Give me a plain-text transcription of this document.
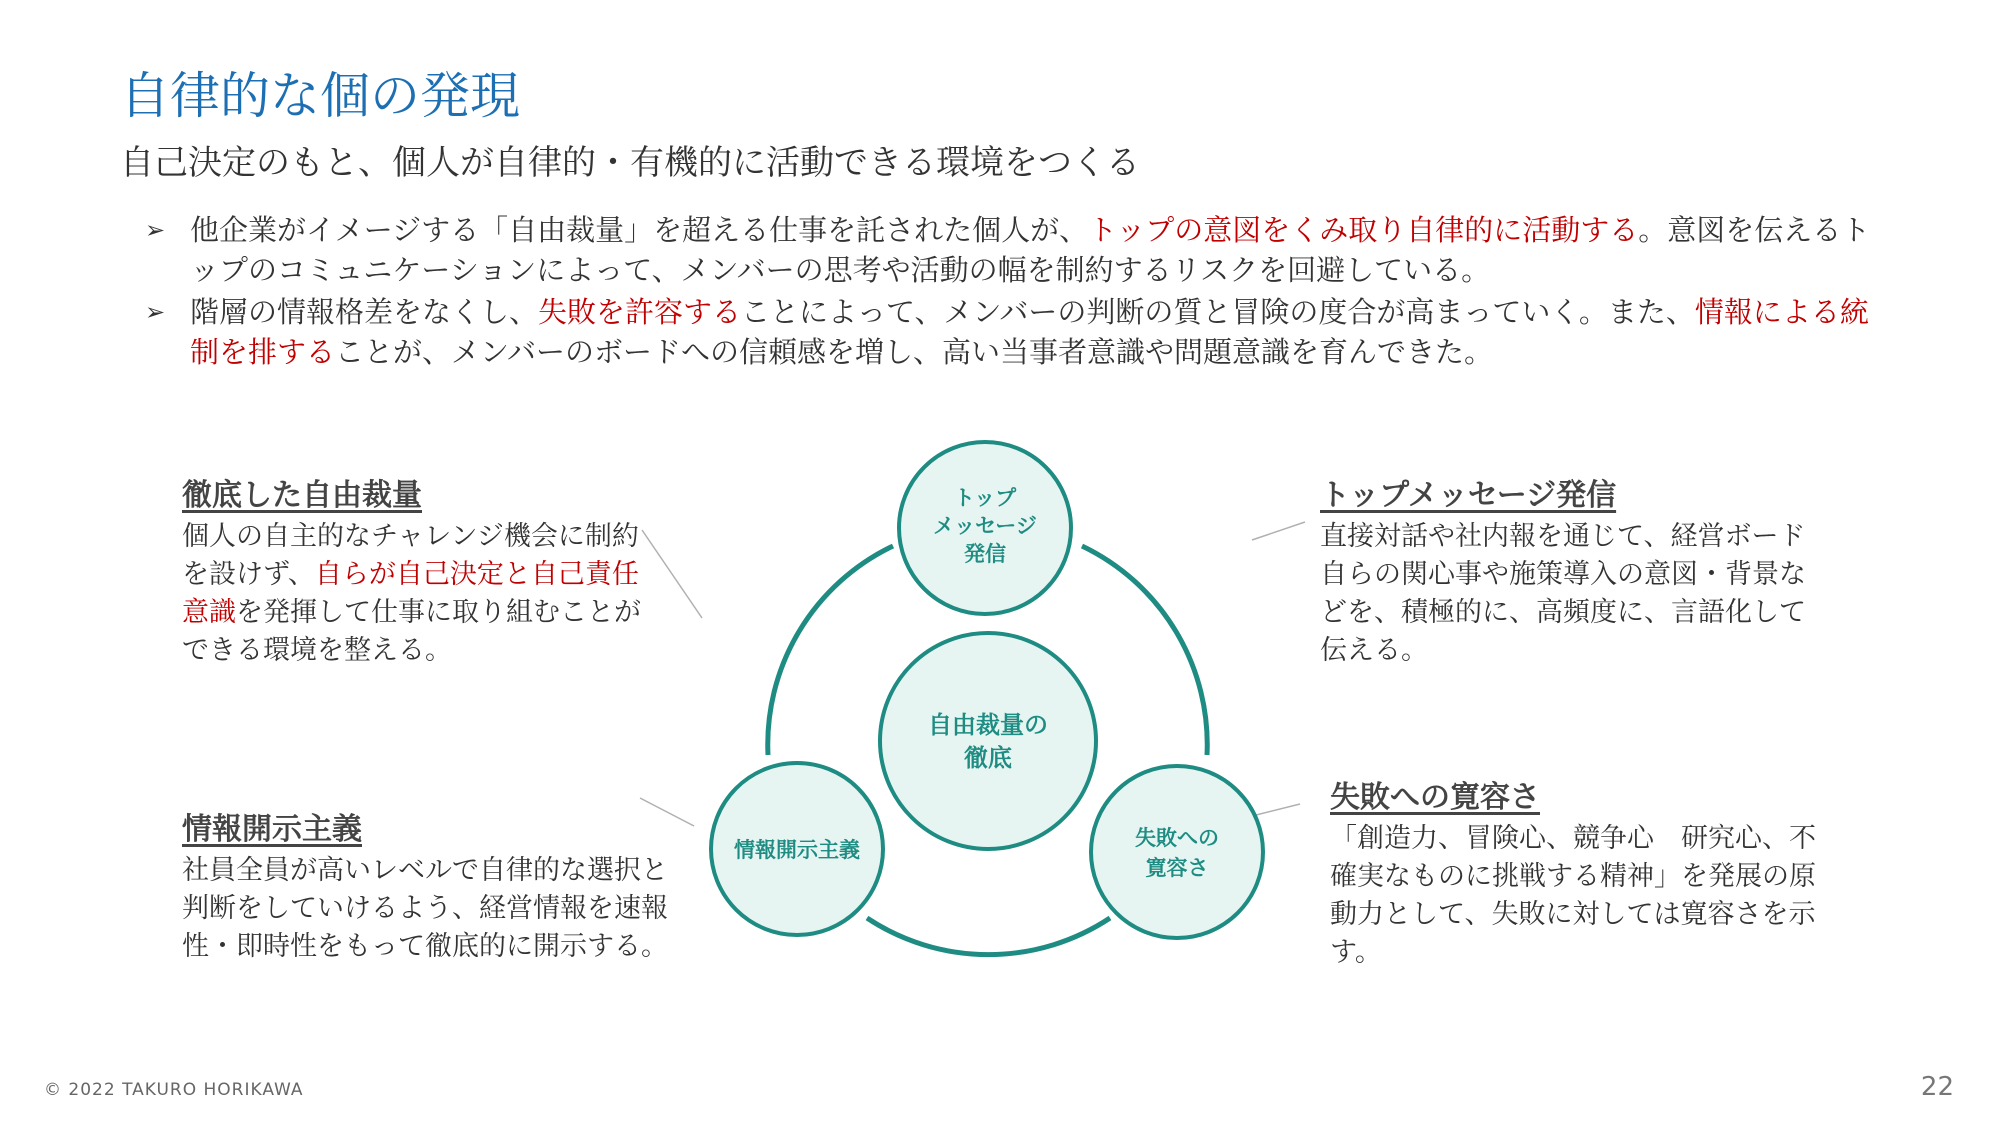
自律的な個の発現
自己決定のもと、個人が自律的・有機的に活動できる環境をつくる
➢ 他企業がイメージする「自由裁量」を超える仕事を託された個人が、トップの意図をくみ取り自律的に活動する。意図を伝えるトップのコミュニケーションによって、メンバーの思考や活動の幅を制約するリスクを回避している。
➢ 階層の情報格差をなくし、失敗を許容することによって、メンバーの判断の質と冒険の度合が高まっていく。また、情報による統制を排することが、メンバーのボードへの信頼感を増し、高い当事者意識や問題意識を育んできた。
自由裁量の
徹底
トップ
メッセージ
発信
情報開示主義	失敗への
寛容さ
徹底した自由裁量
個人の自主的なチャレンジ機会に制約を設けず、自らが自己決定と自己責任意識を発揮して仕事に取り組むことができる環境を整える。
情報開示主義
社員全員が高いレベルで自律的な選択と判断をしていけるよう、経営情報を速報性・即時性をもって徹底的に開示する。
トップメッセージ発信
直接対話や社内報を通じて、経営ボード自らの関心事や施策導入の意図・背景などを、積極的に、高頻度に、言語化して伝える。
失敗への寛容さ
「創造力、冒険心、競争心　研究心、不確実なものに挑戦する精神」を発展の原動力として、失敗に対しては寛容さを示す。
© 2022 TAKURO HORIKAWA	22
